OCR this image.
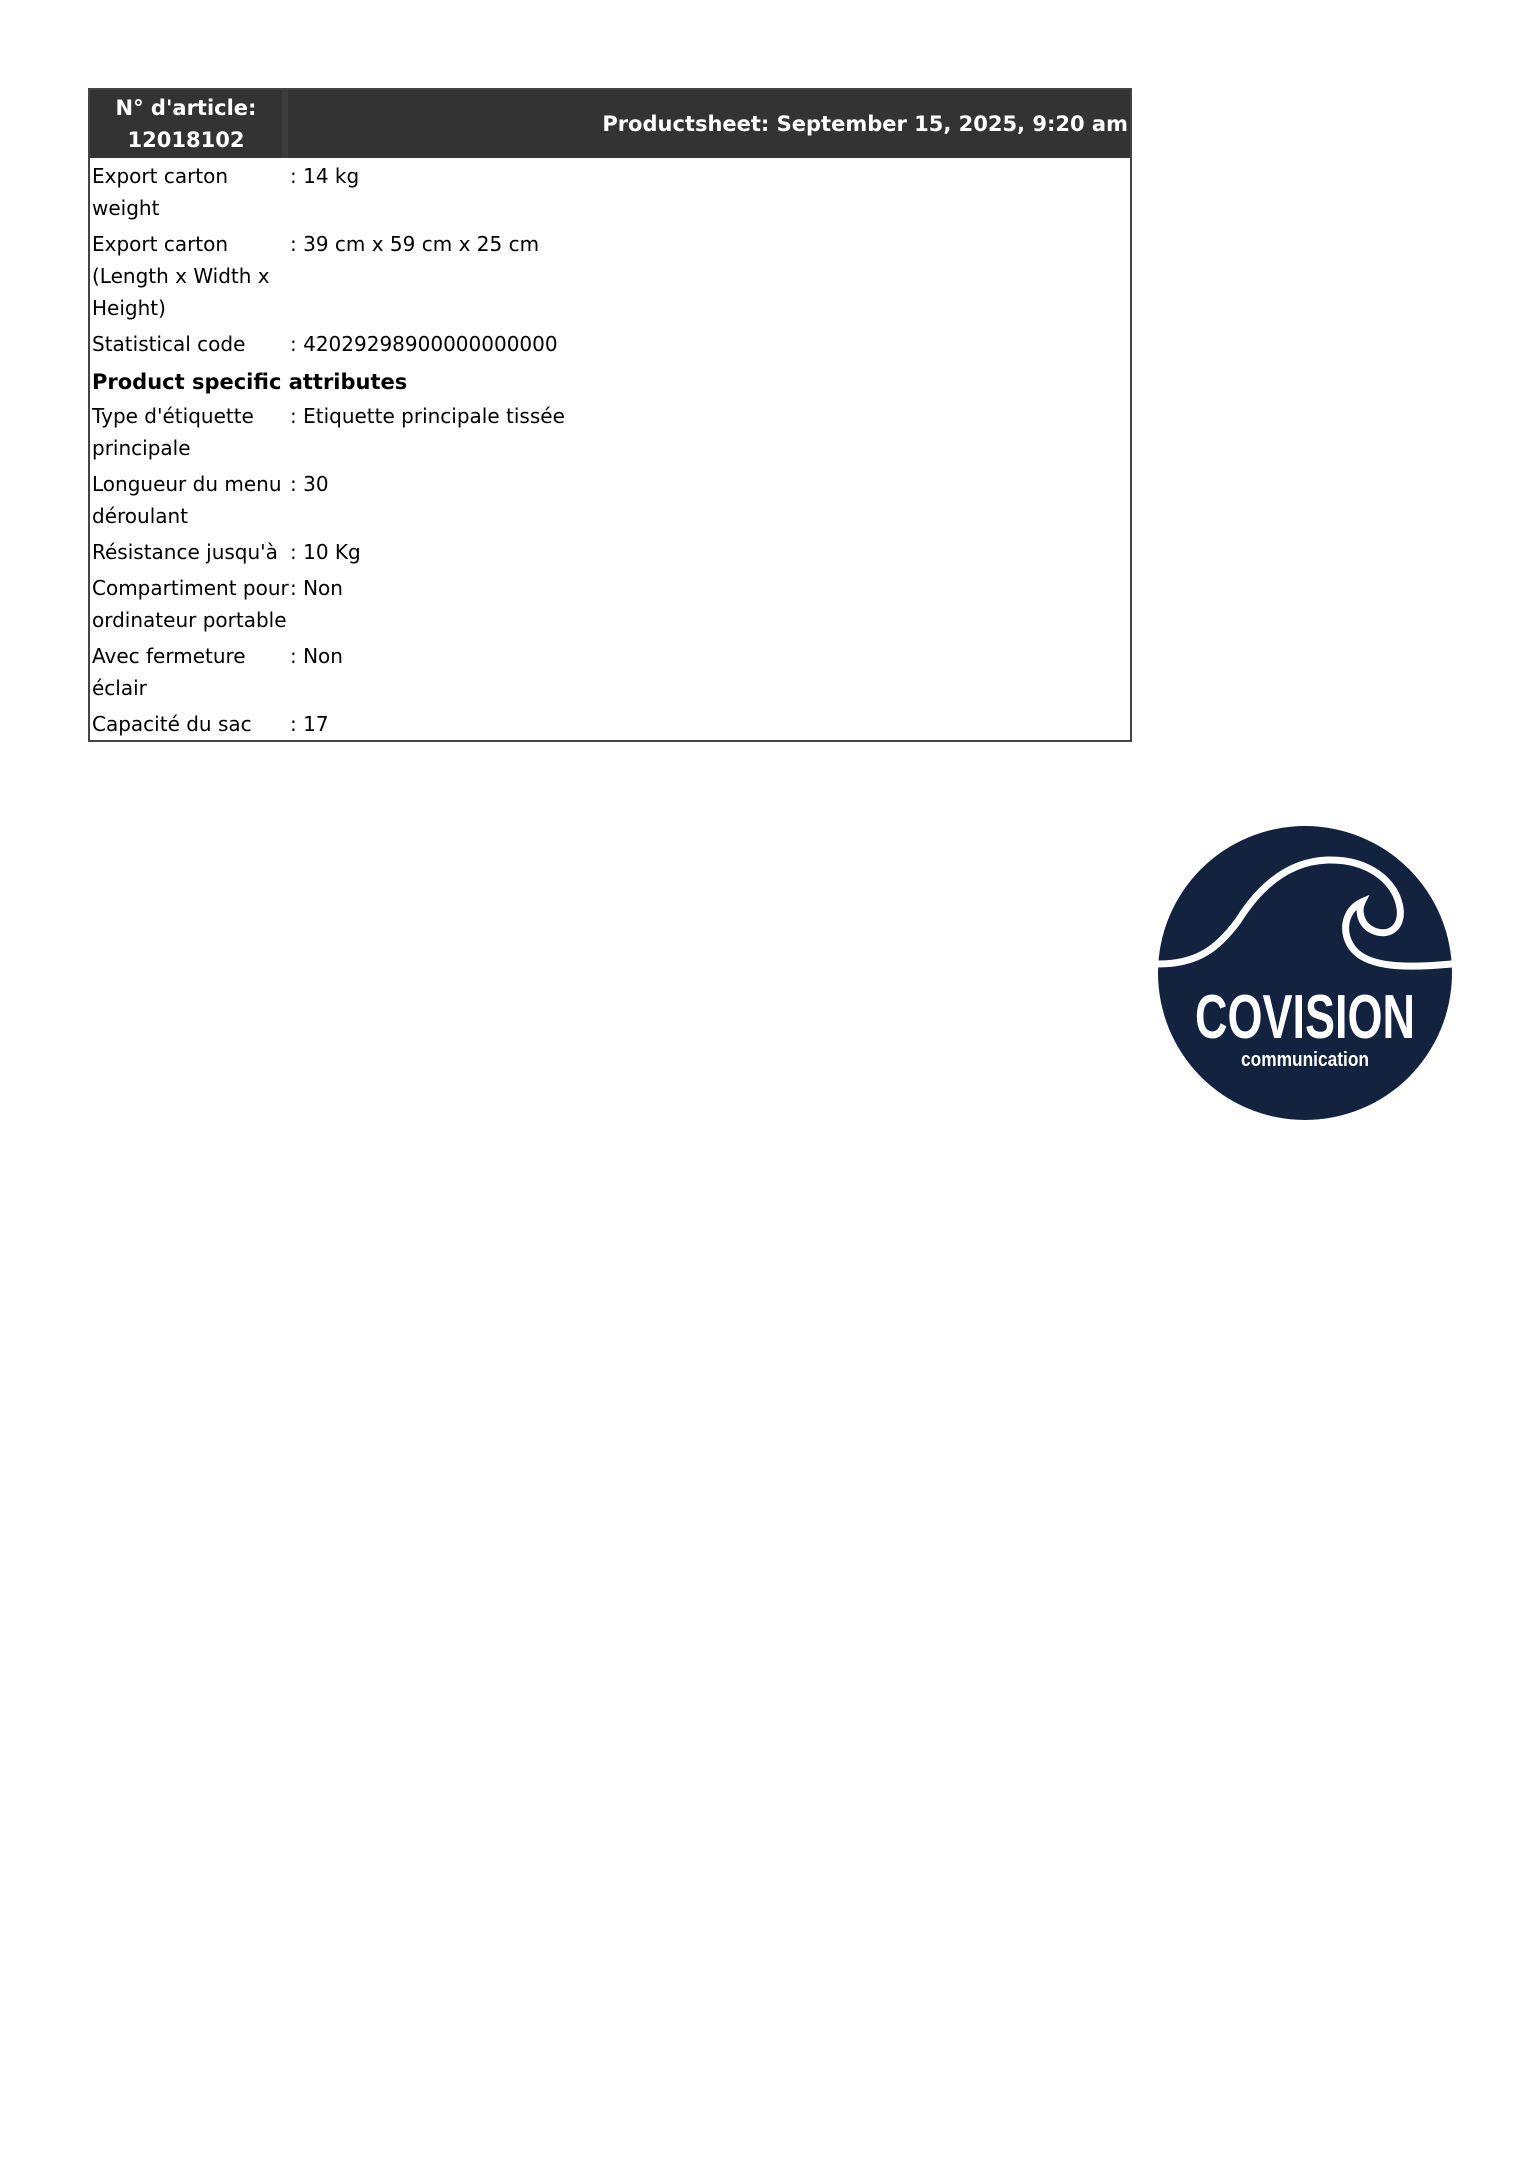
N° d'article:
12018102
Productsheet: September 15, 2025, 9:20 am
Export carton weight
: 14 kg
Export carton (Length x Width x Height)
: 39 cm x 59 cm x 25 cm
Statistical code	: 42029298900000000000
Product specific attributes
Type d'étiquette principale
: Etiquette principale tissée
Longueur du menu déroulant
: 30
Résistance jusqu'à : 10 Kg
Compartiment pour ordinateur portable
: Non
Avec fermeture éclair
: Non
Capacité du sac	: 17
COVISION
communication
